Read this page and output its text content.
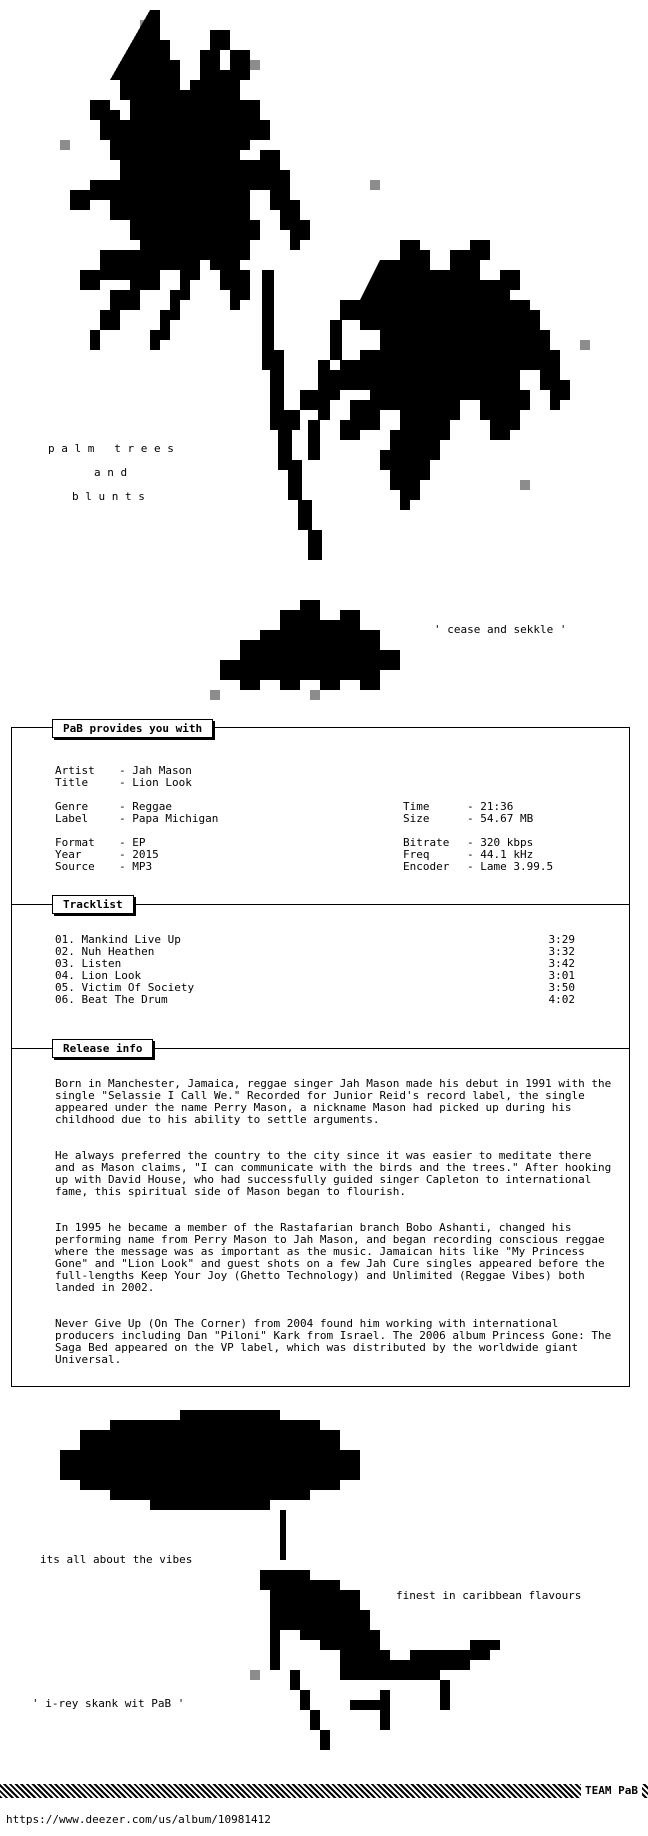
p a l m   t r e e s
a n d
b l u n t s
' cease and sekkle '
PaB provides you with
Artist - Jah Mason
Title	- Lion Look
Genre	- Reggae
Label	- Papa Michigan
Format - EP
Year	- 2015
Source - MP3
Time	- 21:36
Size	- 54.67 MB
Bitrate - 320 kbps
Freq	- 44.1 kHz
Encoder - Lame 3.99.5
Tracklist
01. Mankind Live Up	3:29
02. Nuh Heathen	3:32
03. Listen	3:42
04. Lion Look	3:01
05. Victim Of Society	3:50
06. Beat The Drum	4:02
Release info
Born in Manchester, Jamaica, reggae singer Jah Mason made his debut in 1991 with the single "Selassie I Call We." Recorded for Junior Reid's record label, the single appeared under the name Perry Mason, a nickname Mason had picked up during his childhood due to his ability to settle arguments.
He always preferred the country to the city since it was easier to meditate there and as Mason claims, "I can communicate with the birds and the trees." After hooking up with David House, who had successfully guided singer Capleton to international fame, this spiritual side of Mason began to flourish.
In 1995 he became a member of the Rastafarian branch Bobo Ashanti, changed his performing name from Perry Mason to Jah Mason, and began recording conscious reggae where the message was as important as the music. Jamaican hits like "My Princess Gone" and "Lion Look" and guest shots on a few Jah Cure singles appeared before the full-lengths Keep Your Joy (Ghetto Technology) and Unlimited (Reggae Vibes) both landed in 2002.
Never Give Up (On The Corner) from 2004 found him working with international producers including Dan "Piloni" Kark from Israel. The 2006 album Princess Gone: The Saga Bed appeared on the VP label, which was distributed by the worldwide giant Universal.
its all about the vibes
finest in caribbean flavours
' i-rey skank wit PaB '
TEAM PaB
https://www.deezer.com/us/album/10981412
